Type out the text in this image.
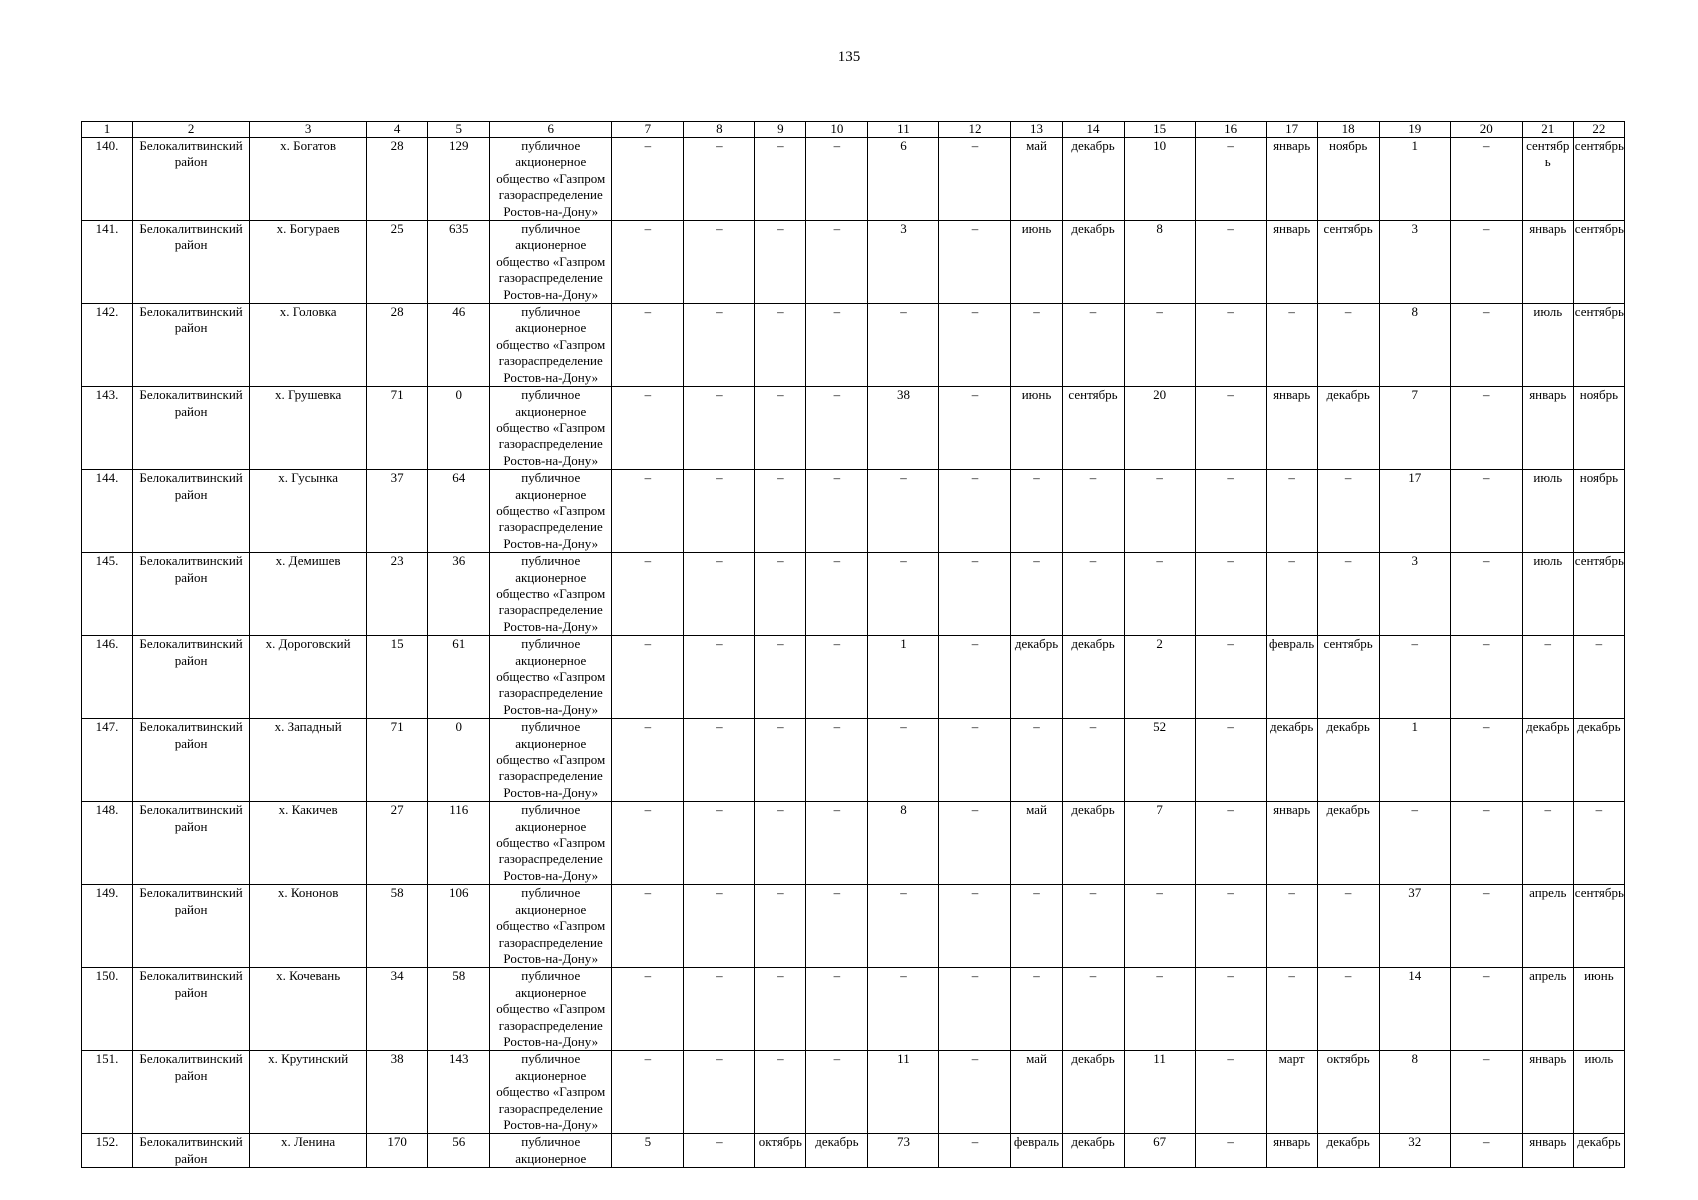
135
1	2	3	4	5	6	7	8	9	10	11	12	13	14	15	16	17	18	19	20	21	22
140.	Белокалитвинский район	х. Богатов	28	129	публичное акционерное общество «Газпром газораспределение Ростов-на-Дону»	–	–	–	–	6	–	май	декабрь	10	–	январь	ноябрь	1	–	сентябрь	сентябрь
141.	Белокалитвинский район	х. Богураев	25	635	публичное акционерное общество «Газпром газораспределение Ростов-на-Дону»	–	–	–	–	3	–	июнь	декабрь	8	–	январь	сентябрь	3	–	январь	сентябрь
142.	Белокалитвинский район	х. Головка	28	46	публичное акционерное общество «Газпром газораспределение Ростов-на-Дону»	–	–	–	–	–	–	–	–	–	–	–	–	8	–	июль	сентябрь
143.	Белокалитвинский район	х. Грушевка	71	0	публичное акционерное общество «Газпром газораспределение Ростов-на-Дону»	–	–	–	–	38	–	июнь	сентябрь	20	–	январь	декабрь	7	–	январь	ноябрь
144.	Белокалитвинский район	х. Гусынка	37	64	публичное акционерное общество «Газпром газораспределение Ростов-на-Дону»	–	–	–	–	–	–	–	–	–	–	–	–	17	–	июль	ноябрь
145.	Белокалитвинский район	х. Демишев	23	36	публичное акционерное общество «Газпром газораспределение Ростов-на-Дону»	–	–	–	–	–	–	–	–	–	–	–	–	3	–	июль	сентябрь
146.	Белокалитвинский район	х. Дороговский	15	61	публичное акционерное общество «Газпром газораспределение Ростов-на-Дону»	–	–	–	–	1	–	декабрь	декабрь	2	–	февраль	сентябрь	–	–	–	–
147.	Белокалитвинский район	х. Западный	71	0	публичное акционерное общество «Газпром газораспределение Ростов-на-Дону»	–	–	–	–	–	–	–	–	52	–	декабрь	декабрь	1	–	декабрь	декабрь
148.	Белокалитвинский район	х. Какичев	27	116	публичное акционерное общество «Газпром газораспределение Ростов-на-Дону»	–	–	–	–	8	–	май	декабрь	7	–	январь	декабрь	–	–	–	–
149.	Белокалитвинский район	х. Кононов	58	106	публичное акционерное общество «Газпром газораспределение Ростов-на-Дону»	–	–	–	–	–	–	–	–	–	–	–	–	37	–	апрель	сентябрь
150.	Белокалитвинский район	х. Кочевань	34	58	публичное акционерное общество «Газпром газораспределение Ростов-на-Дону»	–	–	–	–	–	–	–	–	–	–	–	–	14	–	апрель	июнь
151.	Белокалитвинский район	х. Крутинский	38	143	публичное акционерное общество «Газпром газораспределение Ростов-на-Дону»	–	–	–	–	11	–	май	декабрь	11	–	март	октябрь	8	–	январь	июль
152.	Белокалитвинский район	х. Ленина	170	56	публичное акционерное	5	–	октябрь	декабрь	73	–	февраль	декабрь	67	–	январь	декабрь	32	–	январь	декабрь
